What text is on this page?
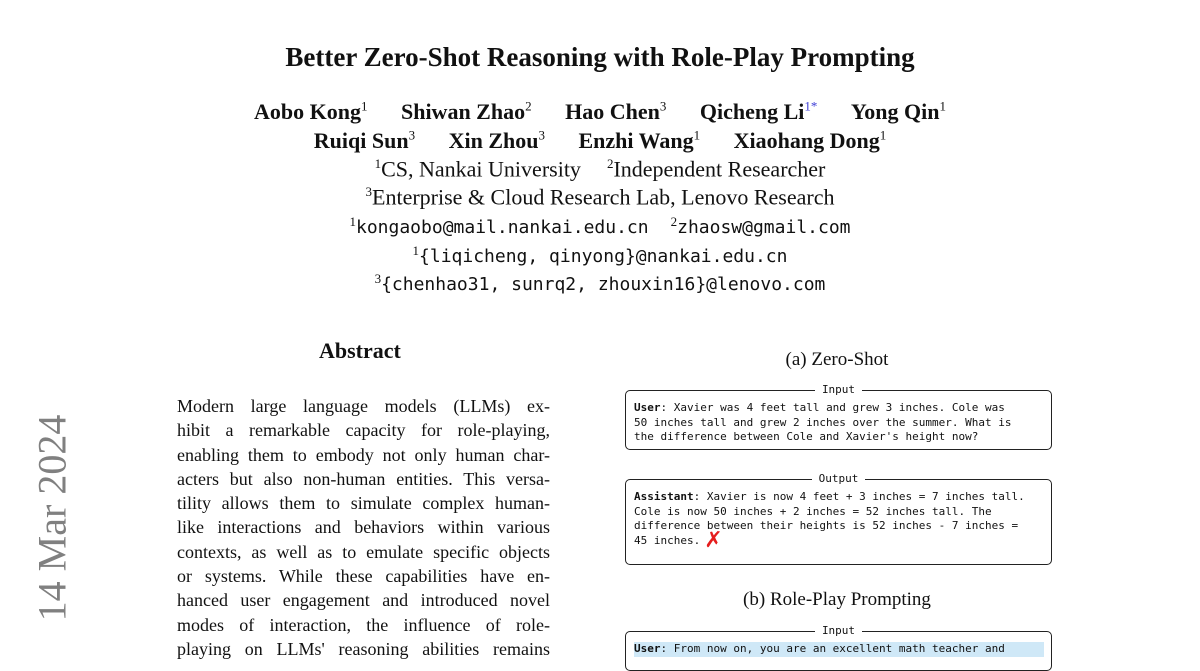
Better Zero-Shot Reasoning with Role-Play Prompting
Aobo Kong$^1$ Shiwan Zhao$^2$ Hao Chen$^3$ Qicheng $Li^{1*}$ Yong Qin$^1$
Ruiqi Sun$^3$ Xin Zhou$^3$ Enzhi Wang$^1$ Xiaohang Dong$^1$
$^1$CS, Nankai University $^2$Independent Researcher
$^3$Enterprise & Cloud Research Lab, Lenovo Research
$^1$kongaobo@mail.nankai.edu.cn $^2$zhaosw@gmail.com
$^1${liqicheng, qinyong}@nankai.edu.cn
$^3${chenhao31, sunrq2, zhouxin16}@lenovo.com
14 Mar 2024
Abstract
Modern large language models (LLMs) ex-
hibit a remarkable capacity for role-playing,
enabling them to embody not only human char-
acters but also non-human entities. This versa-
tility allows them to simulate complex human-
like interactions and behaviors within various
contexts, as well as to emulate specific objects
or systems. While these capabilities have en-
hanced user engagement and introduced novel
modes of interaction, the influence of role-
playing on LLMs' reasoning abilities remains
(a) Zero-Shot
Input
User: Xavier was 4 feet tall and grew 3 inches. Cole was
50 inches tall and grew 2 inches over the summer. What is
the difference between Cole and Xavier's height now?
Output
Assistant: Xavier is now 4 feet + 3 inches = 7 inches tall.
Cole is now 50 inches + 2 inches = 52 inches tall. The
difference between their heights is 52 inches - 7 inches =
45 inches. ✗
(b) Role-Play Prompting
Input
User: From now on, you are an excellent math teacher and
